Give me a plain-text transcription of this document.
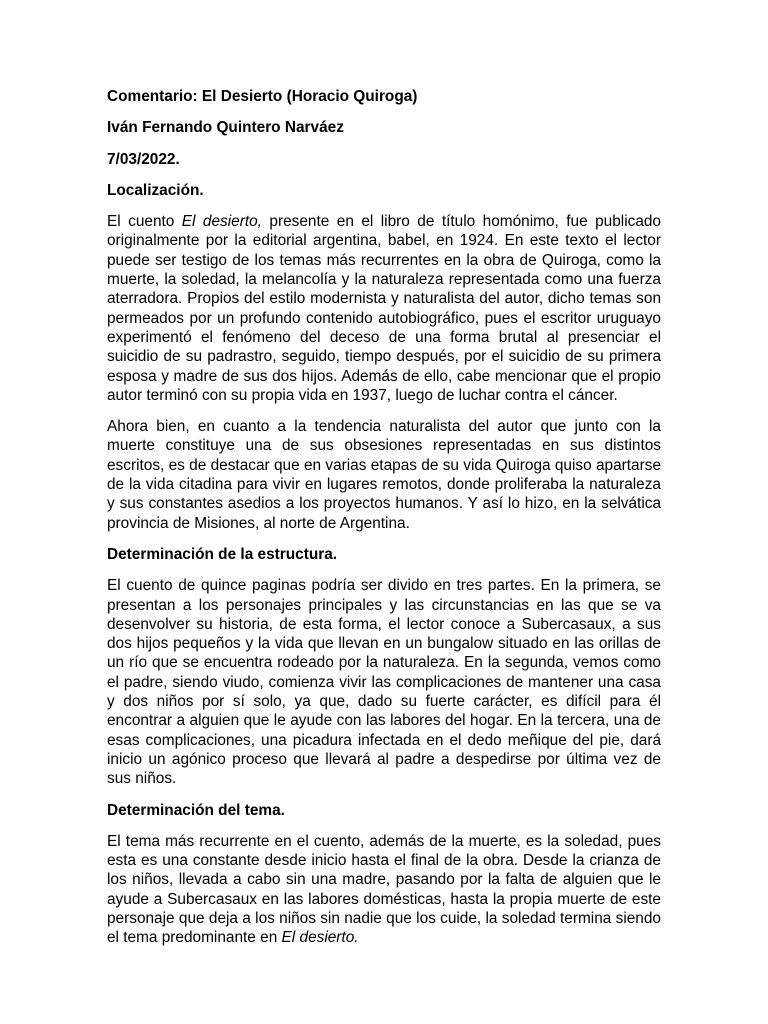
Comentario: El Desierto (Horacio Quiroga)
Iván Fernando Quintero Narváez
7/03/2022.
Localización.

El cuento El desierto, presente en el libro de título homónimo, fue publicado originalmente por la editorial argentina, babel, en 1924. En este texto el lector puede ser testigo de los temas más recurrentes en la obra de Quiroga, como la muerte, la soledad, la melancolía y la naturaleza representada como una fuerza aterradora. Propios del estilo modernista y naturalista del autor, dicho temas son permeados por un profundo contenido autobiográfico, pues el escritor uruguayo experimentó el fenómeno del deceso de una forma brutal al presenciar el suicidio de su padrastro, seguido, tiempo después, por el suicidio de su primera esposa y madre de sus dos hijos. Además de ello, cabe mencionar que el propio autor terminó con su propia vida en 1937, luego de luchar contra el cáncer.

Ahora bien, en cuanto a la tendencia naturalista del autor que junto con la muerte constituye una de sus obsesiones representadas en sus distintos escritos, es de destacar que en varias etapas de su vida Quiroga quiso apartarse de la vida citadina para vivir en lugares remotos, donde proliferaba la naturaleza y sus constantes asedios a los proyectos humanos. Y así lo hizo, en la selvática provincia de Misiones, al norte de Argentina.

Determinación de la estructura.

El cuento de quince paginas podría ser divido en tres partes. En la primera, se presentan a los personajes principales y las circunstancias en las que se va desenvolver su historia, de esta forma, el lector conoce a Subercasaux, a sus dos hijos pequeños y la vida que llevan en un bungalow situado en las orillas de un río que se encuentra rodeado por la naturaleza. En la segunda, vemos como el padre, siendo viudo, comienza vivir las complicaciones de mantener una casa y dos niños por sí solo, ya que, dado su fuerte carácter, es difícil para él encontrar a alguien que le ayude con las labores del hogar. En la tercera, una de esas complicaciones, una picadura infectada en el dedo meñique del pie, dará inicio un agónico proceso que llevará al padre a despedirse por última vez de sus niños.

Determinación del tema.

El tema más recurrente en el cuento, además de la muerte, es la soledad, pues esta es una constante desde inicio hasta el final de la obra. Desde la crianza de los niños, llevada a cabo sin una madre, pasando por la falta de alguien que le ayude a Subercasaux en las labores domésticas, hasta la propia muerte de este personaje que deja a los niños sin nadie que los cuide, la soledad termina siendo el tema predominante en El desierto.
